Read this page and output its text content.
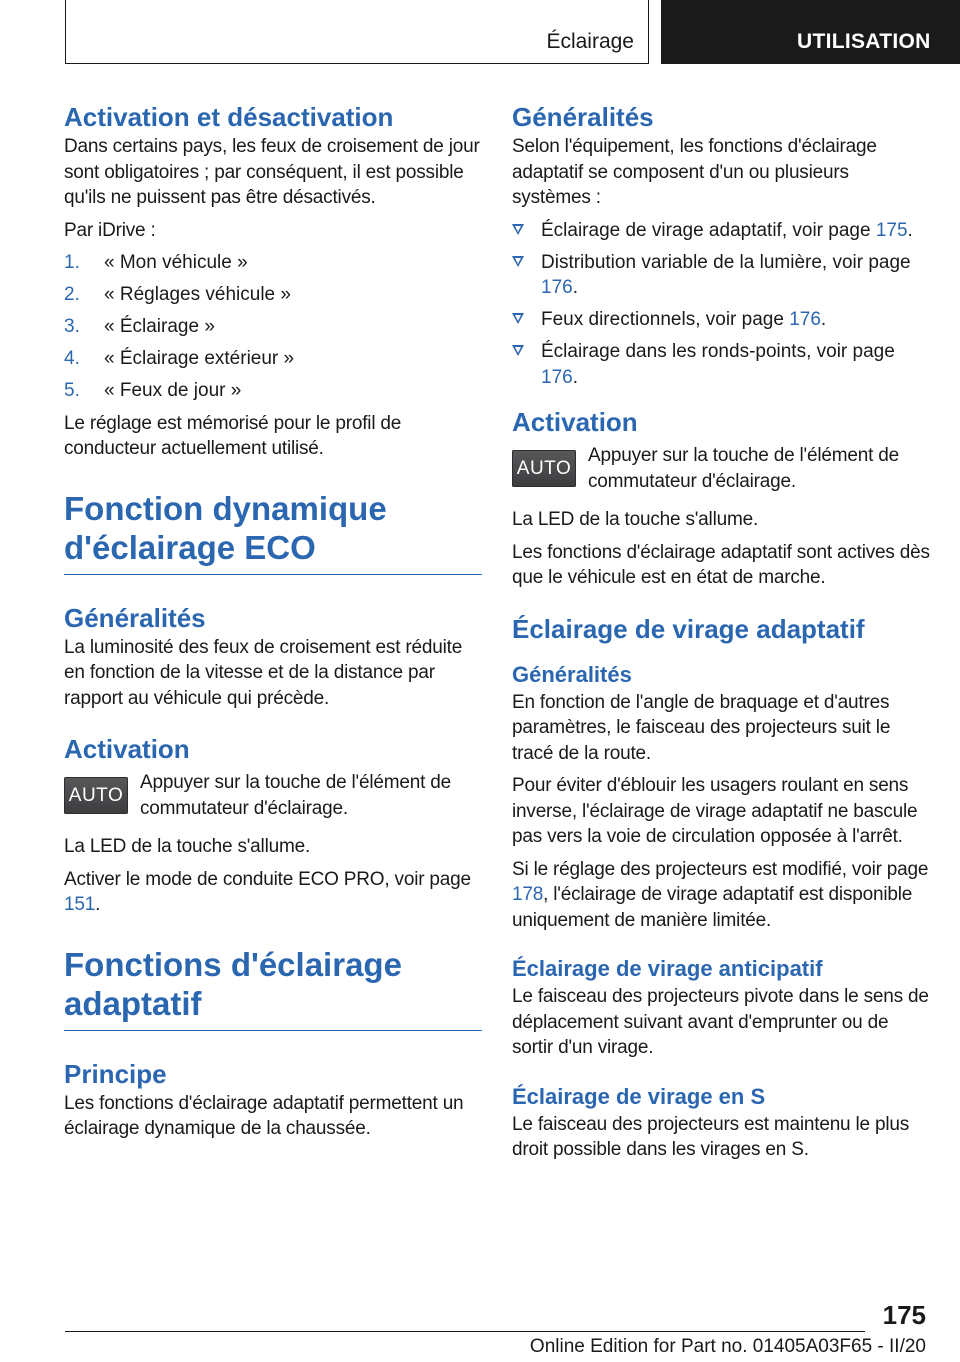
Éclairage	UTILISATION
Activation et désactivation

Dans certains pays, les feux de croisement de jour sont obligatoires ; par conséquent, il est possible qu'ils ne puissent pas être désactivés.

Par iDrive :

1. « Mon véhicule »
2. « Réglages véhicule »
3. « Éclairage »
4. « Éclairage extérieur »
5. « Feux de jour »

Le réglage est mémorisé pour le profil de conducteur actuellement utilisé.

Fonction dynamique d'éclairage ECO
Généralités

La luminosité des feux de croisement est réduite en fonction de la vitesse et de la distance par rapport au véhicule qui précède.

Activation
AUTO

Appuyer sur la touche de l'élément de commutateur d'éclairage.

La LED de la touche s'allume.

Activer le mode de conduite ECO PRO, voir page 151.

Fonctions d'éclairage adaptatif
Principe

Les fonctions d'éclairage adaptatif permettent un éclairage dynamique de la chaussée.

Généralités

Selon l'équipement, les fonctions d'éclairage adaptatif se composent d'un ou plusieurs systèmes :

Éclairage de virage adaptatif, voir page 175.
Distribution variable de la lumière, voir page 176.
Feux directionnels, voir page 176.
Éclairage dans les ronds-points, voir page 176.
Activation
AUTO

Appuyer sur la touche de l'élément de commutateur d'éclairage.

La LED de la touche s'allume.

Les fonctions d'éclairage adaptatif sont actives dès que le véhicule est en état de marche.

Éclairage de virage adaptatif
Généralités

En fonction de l'angle de braquage et d'autres paramètres, le faisceau des projecteurs suit le tracé de la route.

Pour éviter d'éblouir les usagers roulant en sens inverse, l'éclairage de virage adaptatif ne bascule pas vers la voie de circulation opposée à l'arrêt.

Si le réglage des projecteurs est modifié, voir page 178, l'éclairage de virage adaptatif est disponible uniquement de manière limitée.

Éclairage de virage anticipatif

Le faisceau des projecteurs pivote dans le sens de déplacement suivant avant d'emprunter ou de sortir d'un virage.

Éclairage de virage en S

Le faisceau des projecteurs est maintenu le plus droit possible dans les virages en S.

175
Online Edition for Part no. 01405A03F65 - II/20
